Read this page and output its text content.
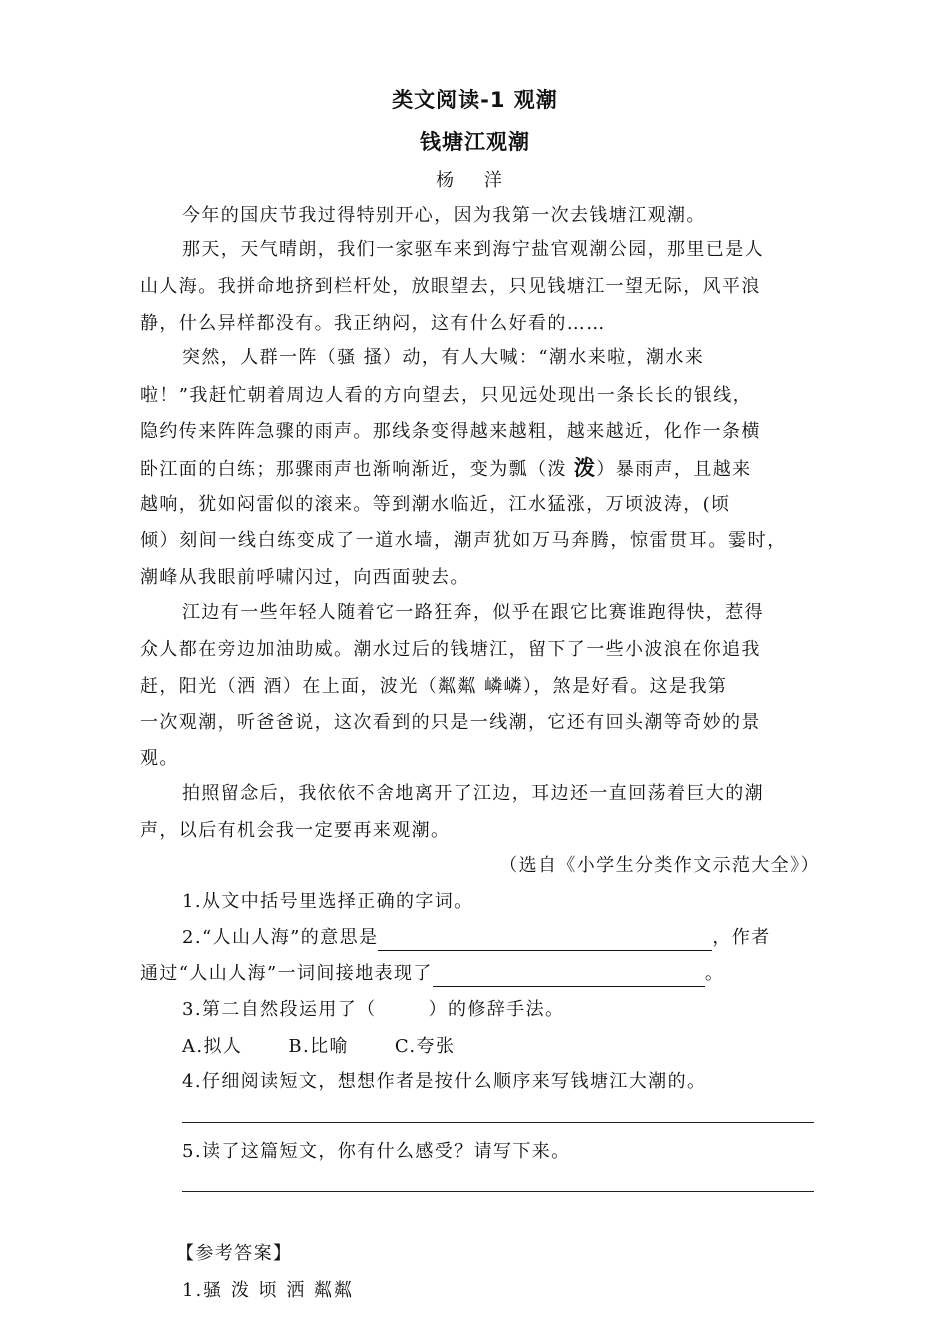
类文阅读-1 观潮
钱塘江观潮
杨 洋
今年的国庆节我过得特别开心，因为我第一次去钱塘江观潮。
那天，天气晴朗，我们一家驱车来到海宁盐官观潮公园，那里已是人
山人海。我拼命地挤到栏杆处，放眼望去，只见钱塘江一望无际，风平浪
静，什么异样都没有。我正纳闷，这有什么好看的……
突然，人群一阵（骚 搔）动，有人大喊：“潮水来啦，潮水来
啦！”我赶忙朝着周边人看的方向望去，只见远处现出一条长长的银线，
隐约传来阵阵急骤的雨声。那线条变得越来越粗，越来越近，化作一条横
卧江面的白练；那骤雨声也渐响渐近，变为瓢（泼 泼）暴雨声，且越来
越响，犹如闷雷似的滚来。等到潮水临近，江水猛涨，万顷波涛，(顷
倾）刻间一线白练变成了一道水墙，潮声犹如万马奔腾，惊雷贯耳。霎时，
潮峰从我眼前呼啸闪过，向西面驶去。
江边有一些年轻人随着它一路狂奔，似乎在跟它比赛谁跑得快，惹得
众人都在旁边加油助威。潮水过后的钱塘江，留下了一些小波浪在你追我
赶，阳光（洒 酒）在上面，波光（粼粼 嶙嶙），煞是好看。这是我第
一次观潮，听爸爸说，这次看到的只是一线潮，它还有回头潮等奇妙的景
观。
拍照留念后，我依依不舍地离开了江边，耳边还一直回荡着巨大的潮
声，以后有机会我一定要再来观潮。
（选自《小学生分类作文示范大全》）
1.从文中括号里选择正确的字词。
2.“人山人海”的意思是	，作者
通过“人山人海”一词间接地表现了	。
3.第二自然段运用了（	）的修辞手法。
A.拟人	B.比喻	C.夸张
4.仔细阅读短文，想想作者是按什么顺序来写钱塘江大潮的。
5.读了这篇短文，你有什么感受？请写下来。
【参考答案】
1.骚 泼 顷 洒 粼粼
